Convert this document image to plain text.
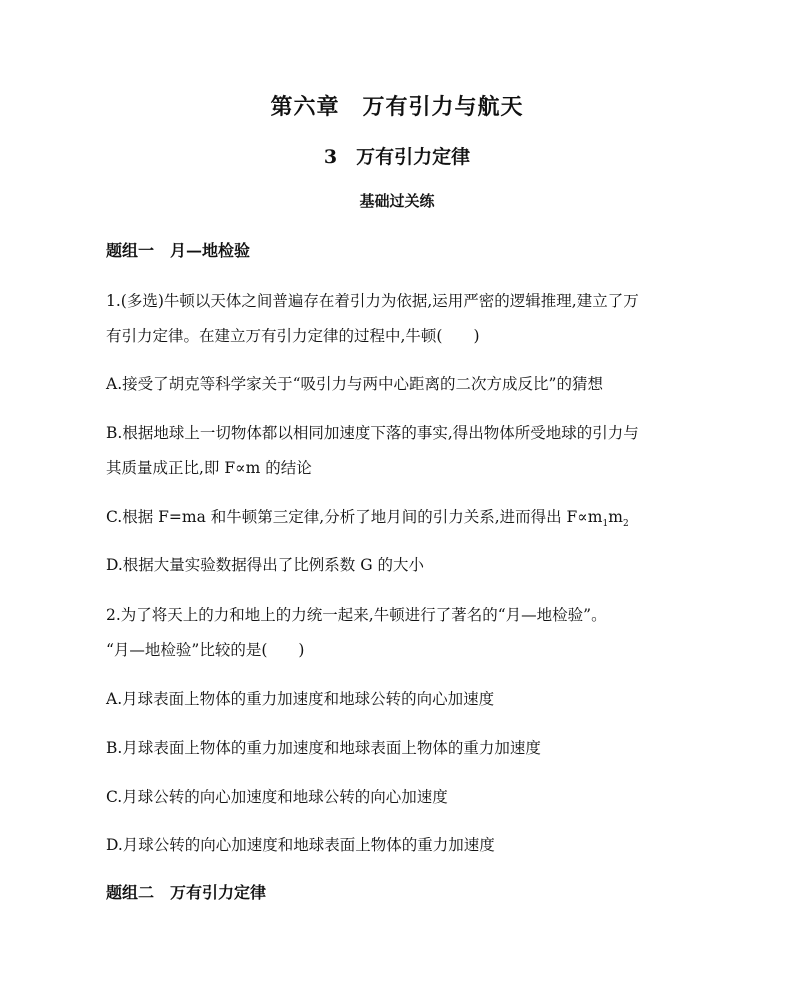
第六章　万有引力与航天
3　万有引力定律
基础过关练
题组一　月—地检验
1.(多选)牛顿以天体之间普遍存在着引力为依据,运用严密的逻辑推理,建立了万
有引力定律。在建立万有引力定律的过程中,牛顿(　　)
A.接受了胡克等科学家关于“吸引力与两中心距离的二次方成反比”的猜想
B.根据地球上一切物体都以相同加速度下落的事实,得出物体所受地球的引力与
其质量成正比,即 F∝m 的结论
C.根据 F=ma 和牛顿第三定律,分析了地月间的引力关系,进而得出 $F\propto m_1m_2$
D.根据大量实验数据得出了比例系数 G 的大小
2.为了将天上的力和地上的力统一起来,牛顿进行了著名的“月—地检验”。
“月—地检验”比较的是(　　)
A.月球表面上物体的重力加速度和地球公转的向心加速度
B.月球表面上物体的重力加速度和地球表面上物体的重力加速度
C.月球公转的向心加速度和地球公转的向心加速度
D.月球公转的向心加速度和地球表面上物体的重力加速度
题组二　万有引力定律
